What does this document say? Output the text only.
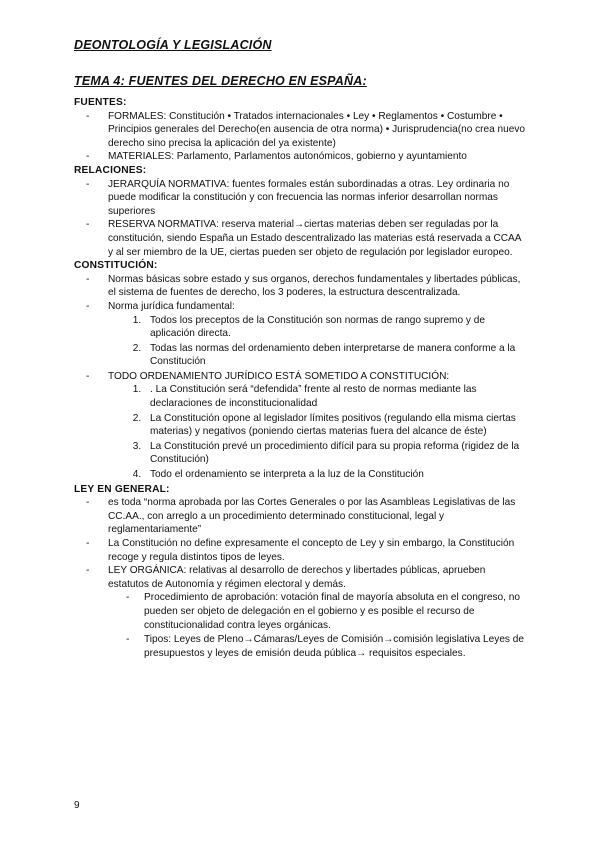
DEONTOLOGÍA Y LEGISLACIÓN
TEMA 4: FUENTES DEL DERECHO EN ESPAÑA:

FUENTES:

- FORMALES: Constitución • Tratados internacionales • Ley • Reglamentos • Costumbre • Principios generales del Derecho(en ausencia de otra norma) • Jurisprudencia(no crea nuevo derecho sino precisa la aplicación del ya existente)
- MATERIALES: Parlamento, Parlamentos autonómicos, gobierno y ayuntamiento

RELACIONES:

- JERARQUÍA NORMATIVA: fuentes formales están subordinadas a otras. Ley ordinaria no puede modificar la constitución y con frecuencia las normas inferior desarrollan normas superiores
- RESERVA NORMATIVA: reserva material→ciertas materias deben ser reguladas por la constitución, siendo España un Estado descentralizado las materias está reservada a CCAA y al ser miembro de la UE, ciertas pueden ser objeto de regulación por legislador europeo.

CONSTITUCIÓN:

- Normas básicas sobre estado y sus organos, derechos fundamentales y libertades públicas, el sistema de fuentes de derecho, los 3 poderes, la estructura descentralizada.
- Norma jurídica fundamental:
1. Todos los preceptos de la Constitución son normas de rango supremo y de aplicación directa.
2. Todas las normas del ordenamiento deben interpretarse de manera conforme a la Constitución
- TODO ORDENAMIENTO JURÍDICO ESTÁ SOMETIDO A CONSTITUCIÓN:
1. . La Constitución será “defendida” frente al resto de normas mediante las declaraciones de inconstitucionalidad
2. La Constitución opone al legislador límites positivos (regulando ella misma ciertas materias) y negativos (poniendo ciertas materias fuera del alcance de éste)
3. La Constitución prevé un procedimiento difícil para su propia reforma (rigidez de la Constitución)
4. Todo el ordenamiento se interpreta a la luz de la Constitución

LEY EN GENERAL:

- es toda “norma aprobada por las Cortes Generales o por las Asambleas Legislativas de las CC.AA., con arreglo a un procedimiento determinado constitucional, legal y reglamentariamente”
- La Constitución no define expresamente el concepto de Ley y sin embargo, la Constitución recoge y regula distintos tipos de leyes.
- LEY ORGÁNICA: relativas al desarrollo de derechos y libertades públicas, aprueben estatutos de Autonomía y régimen electoral y demás.
- Procedimiento de aprobación: votación final de mayoría absoluta en el congreso, no pueden ser objeto de delegación en el gobierno y es posible el recurso de constitucionalidad contra leyes orgánicas.
- Tipos: Leyes de Pleno→Cámaras/Leyes de Comisión→comisión legislativa Leyes de presupuestos y leyes de emisión deuda pública→ requisitos especiales.
9
